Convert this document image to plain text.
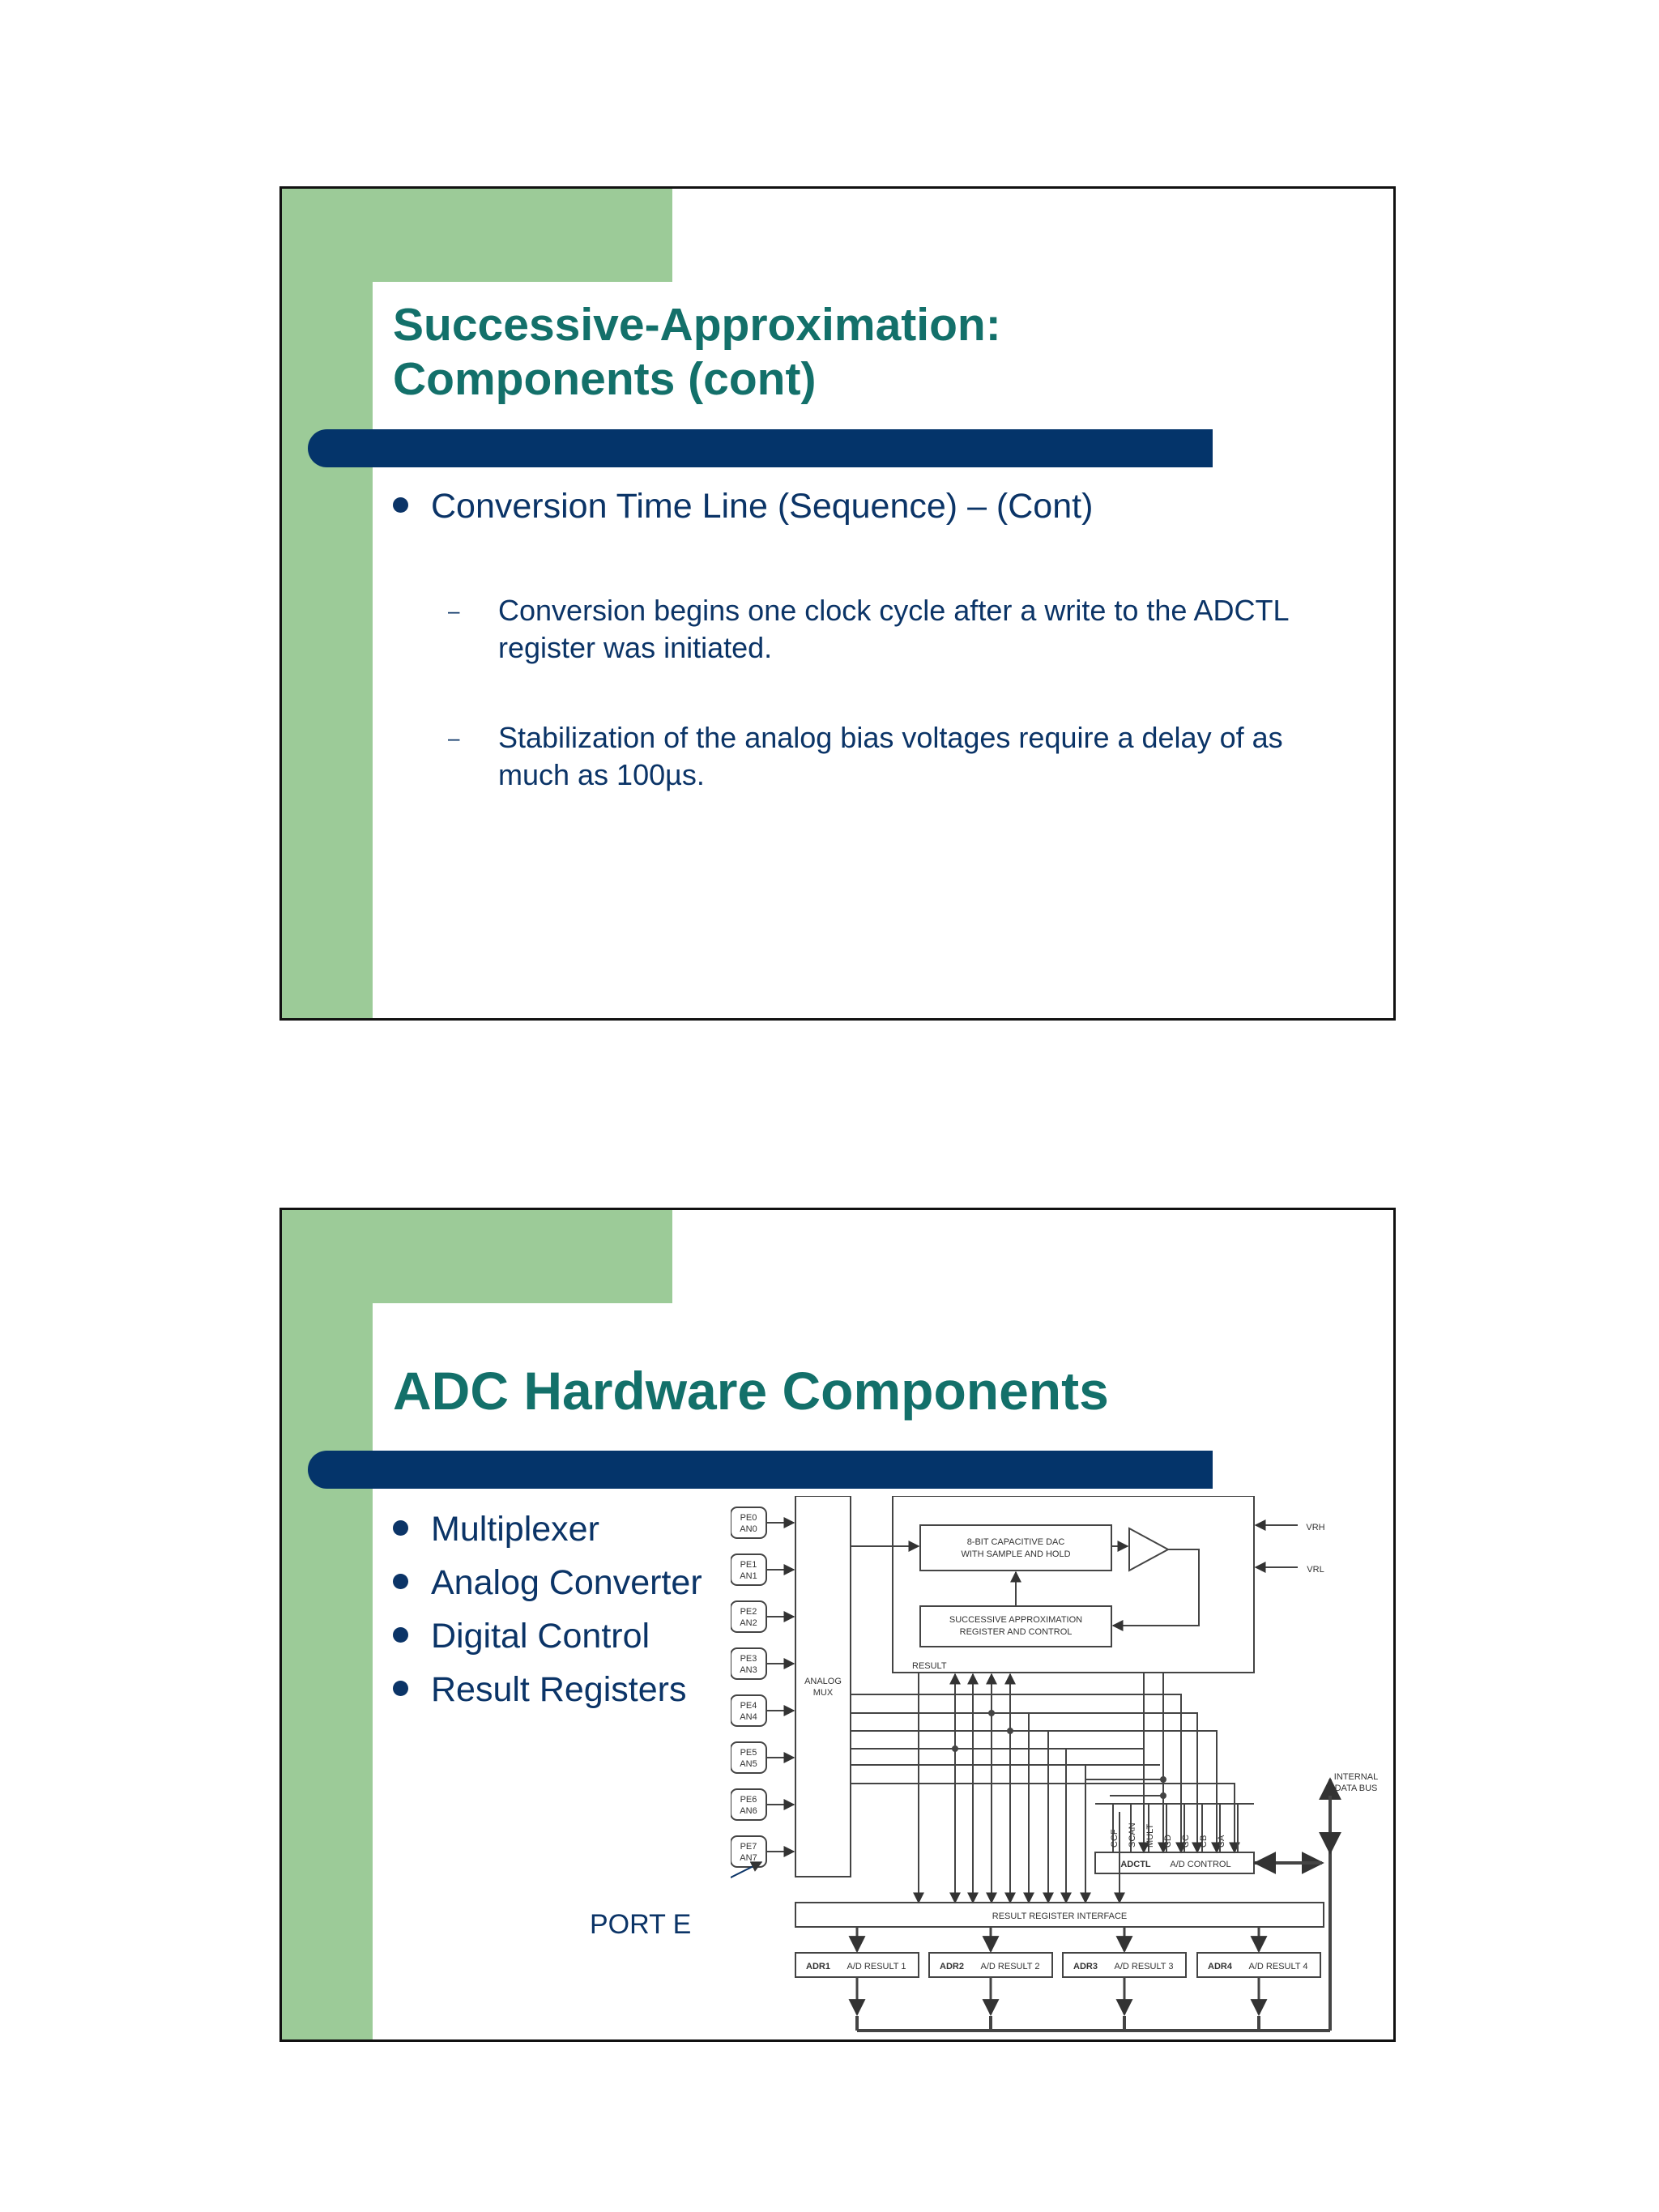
Successive-Approximation:
Components (cont)
Conversion Time Line (Sequence) – (Cont)
– Conversion begins one clock cycle after a write to the ADCTL register was initiated.
– Stabilization of the analog bias voltages require a delay of as much as 100µs.
ADC Hardware Components
Multiplexer
Analog Converter
Digital Control
Result Registers
PORT E
PE0
AN0
PE1
AN1
PE2
AN2
PE3
AN3
PE4
AN4
PE5
AN5
PE6
AN6
PE7
AN7
ANALOG
MUX
8-BIT CAPACITIVE DAC
WITH SAMPLE AND HOLD
SUCCESSIVE APPROXIMATION
REGISTER AND CONTROL
VRH
VRL
RESULT
INTERNAL
DATA BUS
CCF SCAN MULT CD CC CB CA
ADCTL A/D CONTROL
RESULT REGISTER INTERFACE
ADR1 A/D RESULT 1	ADR2 A/D RESULT 2	ADR3 A/D RESULT 3	ADR4 A/D RESULT 4
